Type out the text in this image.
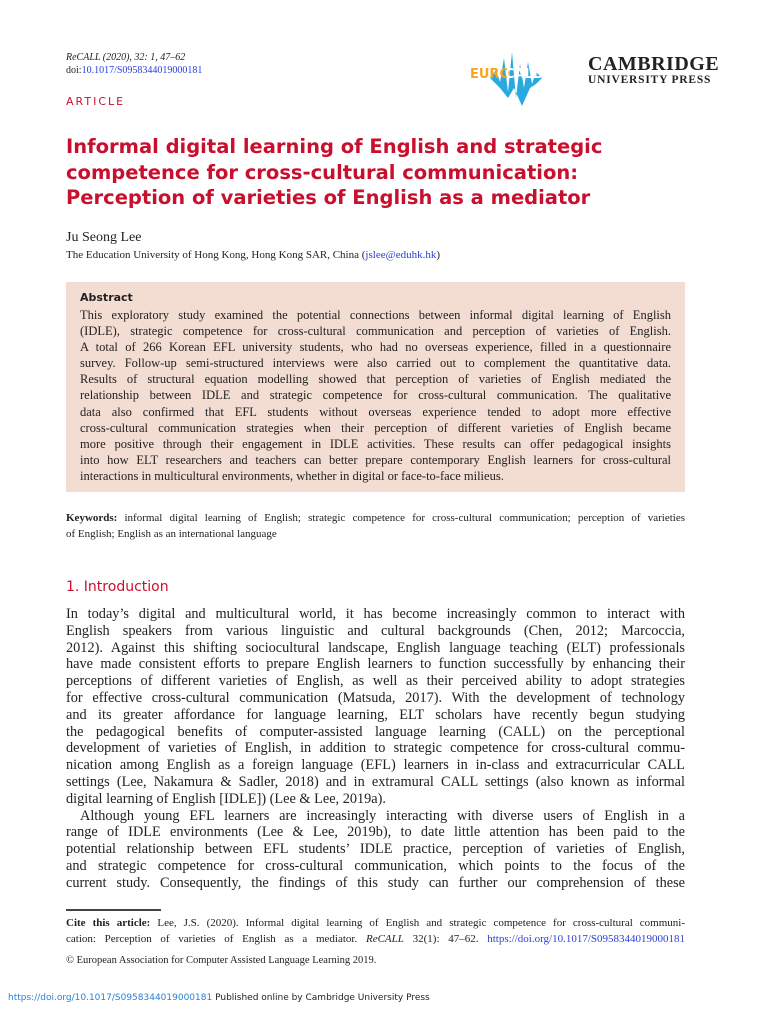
ReCALL (2020), 32: 1, 47–62
doi:10.1017/S0958344019000181	EURO
CALL CAMBRIDGE
UNIVERSITY PRESS
ARTICLE
Informal digital learning of English and strategic
competence for cross-cultural communication:
Perception of varieties of English as a mediator
Ju Seong Lee
The Education University of Hong Kong, Hong Kong SAR, China (jslee@eduhk.hk)
Abstract
This exploratory study examined the potential connections between informal digital learning of English
(IDLE), strategic competence for cross-cultural communication and perception of varieties of English.
A total of 266 Korean EFL university students, who had no overseas experience, filled in a questionnaire
survey. Follow-up semi-structured interviews were also carried out to complement the quantitative data.
Results of structural equation modelling showed that perception of varieties of English mediated the
relationship between IDLE and strategic competence for cross-cultural communication. The qualitative
data also confirmed that EFL students without overseas experience tended to adopt more effective
cross-cultural communication strategies when their perception of different varieties of English became
more positive through their engagement in IDLE activities. These results can offer pedagogical insights
into how ELT researchers and teachers can better prepare contemporary English learners for cross-cultural
interactions in multicultural environments, whether in digital or face-to-face milieus.
Keywords: informal digital learning of English; strategic competence for cross-cultural communication; perception of varieties
of English; English as an international language
1. Introduction
In today’s digital and multicultural world, it has become increasingly common to interact with
English speakers from various linguistic and cultural backgrounds (Chen, 2012; Marcoccia,
2012). Against this shifting sociocultural landscape, English language teaching (ELT) professionals
have made consistent efforts to prepare English learners to function successfully by enhancing their
perceptions of different varieties of English, as well as their perceived ability to adopt strategies
for effective cross-cultural communication (Matsuda, 2017). With the development of technology
and its greater affordance for language learning, ELT scholars have recently begun studying
the pedagogical benefits of computer-assisted language learning (CALL) on the perceptional
development of varieties of English, in addition to strategic competence for cross-cultural commu-
nication among English as a foreign language (EFL) learners in in-class and extracurricular CALL
settings (Lee, Nakamura & Sadler, 2018) and in extramural CALL settings (also known as informal
digital learning of English [IDLE]) (Lee & Lee, 2019a).
Although young EFL learners are increasingly interacting with diverse users of English in a
range of IDLE environments (Lee & Lee, 2019b), to date little attention has been paid to the
potential relationship between EFL students’ IDLE practice, perception of varieties of English,
and strategic competence for cross-cultural communication, which points to the focus of the
current study. Consequently, the findings of this study can further our comprehension of these
Cite this article: Lee, J.S. (2020). Informal digital learning of English and strategic competence for cross-cultural communi-
cation: Perception of varieties of English as a mediator. ReCALL 32(1): 47–62. https://doi.org/10.1017/S0958344019000181
© European Association for Computer Assisted Language Learning 2019.
https://doi.org/10.1017/S0958344019000181 Published online by Cambridge University Press
